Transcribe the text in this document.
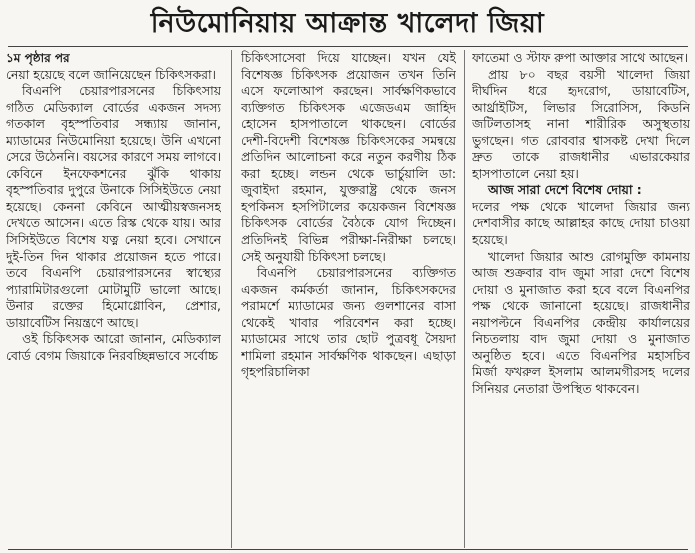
নিউমোনিয়ায় আক্রান্ত খালেদা জিয়া

১ম পৃষ্ঠার পর

নেয়া হয়েছে বলে জানিয়েছেন চিকিৎসকরা।

বিএনপি চেয়ারপারসনের চিকিৎসায় গঠিত মেডিক্যাল বোর্ডের একজন সদস্য গতকাল বৃহস্পতিবার সন্ধ্যায় জানান, ম্যাডামের নিউমোনিয়া হয়েছে। উনি এখনো সেরে উঠেননি। বয়সের কারণে সময় লাগবে। কেবিনে ইনফেকশনের ঝুঁকি থাকায় বৃহস্পতিবার দুপুরে উনাকে সিসিইউতে নেয়া হয়েছে। কেননা কেবিনে আত্মীয়স্বজনসহ দেখতে আসেন। এতে রিস্ক থেকে যায়। আর সিসিইউতে বিশেষ যত্ন নেয়া হবে। সেখানে দুই-তিন দিন থাকার প্রয়োজন হতে পারে। তবে বিএনপি চেয়ারপারসনের স্বাস্থ্যের প্যারামিটারগুলো মোটামুটি ভালো আছে। উনার রক্তের হিমোগ্লোবিন, প্রেশার, ডায়াবেটিস নিয়ন্ত্রণে আছে।

ওই চিকিৎসক আরো জানান, মেডিক্যাল বোর্ড বেগম জিয়াকে নিরবচ্ছিন্নভাবে সর্বোচ্চ

চিকিৎসাসেবা দিয়ে যাচ্ছেন। যখন যেই বিশেষজ্ঞ চিকিৎসক প্রয়োজন তখন তিনি এসে ফলোআপ করছেন। সার্বক্ষণিকভাবে ব্যক্তিগত চিকিৎসক এজেডএম জাহিদ হোসেন হাসপাতালে থাকছেন। বোর্ডের দেশী-বিদেশী বিশেষজ্ঞ চিকিৎসকের সমন্বয়ে প্রতিদিন আলোচনা করে নতুন করণীয় ঠিক করা হচ্ছে। লন্ডন থেকে ভার্চুয়ালি ডা: জুবাইদা রহমান, যুক্তরাষ্ট্র থেকে জনস হপকিনস হসপিটালের কয়েকজন বিশেষজ্ঞ চিকিৎসক বোর্ডের বৈঠকে যোগ দিচ্ছেন। প্রতিদিনই বিভিন্ন পরীক্ষা-নিরীক্ষা চলছে। সেই অনুযায়ী চিকিৎসা চলছে।

বিএনপি চেয়ারপারসনের ব্যক্তিগত একজন কর্মকর্তা জানান, চিকিৎসকদের পরামর্শে ম্যাডামের জন্য গুলশানের বাসা থেকেই খাবার পরিবেশন করা হচ্ছে। ম্যাডামের সাথে তার ছোট পুত্রবধূ সৈয়দা শামিলা রহমান সার্বক্ষণিক থাকছেন। এছাড়া গৃহপরিচালিকা

ফাতেমা ও স্টাফ রুপা আক্তার সাথে আছেন।

প্রায় ৮০ বছর বয়সী খালেদা জিয়া দীর্ঘদিন ধরে হৃদরোগ, ডায়াবেটিস, আর্থ্রাইটিস, লিভার সিরোসিস, কিডনি জটিলতাসহ নানা শারীরিক অসুস্থতায় ভুগছেন। গত রোববার শ্বাসকষ্ট দেখা দিলে দ্রুত তাকে রাজধানীর এভারকেয়ার হাসপাতালে নেয়া হয়।

আজ সারা দেশে বিশেষ দোয়া :

দলের পক্ষ থেকে খালেদা জিয়ার জন্য দেশবাসীর কাছে আল্লাহর কাছে দোয়া চাওয়া হয়েছে।

খালেদা জিয়ার আশু রোগমুক্তি কামনায় আজ শুক্রবার বাদ জুমা সারা দেশে বিশেষ দোয়া ও মুনাজাত করা হবে বলে বিএনপির পক্ষ থেকে জানানো হয়েছে। রাজধানীর নয়াপল্টনে বিএনপির কেন্দ্রীয় কার্যালয়ের নিচতলায় বাদ জুমা দোয়া ও মুনাজাত অনুষ্ঠিত হবে। এতে বিএনপির মহাসচিব মির্জা ফখরুল ইসলাম আলমগীরসহ দলের সিনিয়র নেতারা উপস্থিত থাকবেন।
